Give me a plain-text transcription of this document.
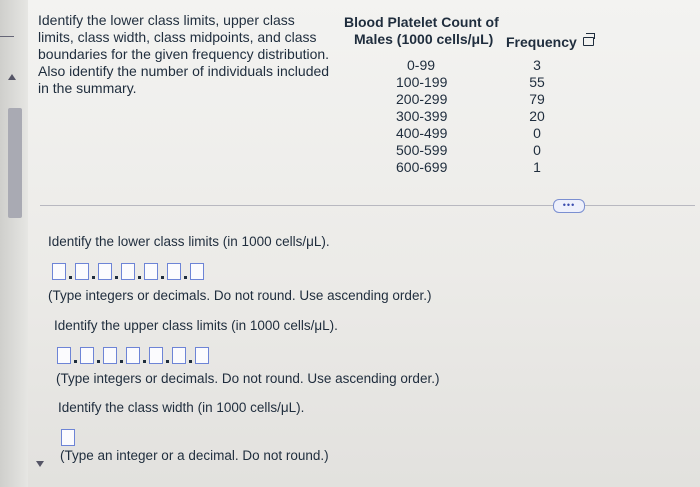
Identify the lower class limits, upper class limits, class width, class midpoints, and class boundaries for the given frequency distribution. Also identify the number of individuals included in the summary.
Blood Platelet Count of
Males (1000 cells/μL) Frequency
0-99	3
100-199	55
200-299	79
300-399	20
400-499	0
500-599	0
600-699	1
•••
Identify the lower class limits (in 1000 cells/μL).
(Type integers or decimals. Do not round. Use ascending order.)
Identify the upper class limits (in 1000 cells/μL).
(Type integers or decimals. Do not round. Use ascending order.)
Identify the class width (in 1000 cells/μL).
(Type an integer or a decimal. Do not round.)
